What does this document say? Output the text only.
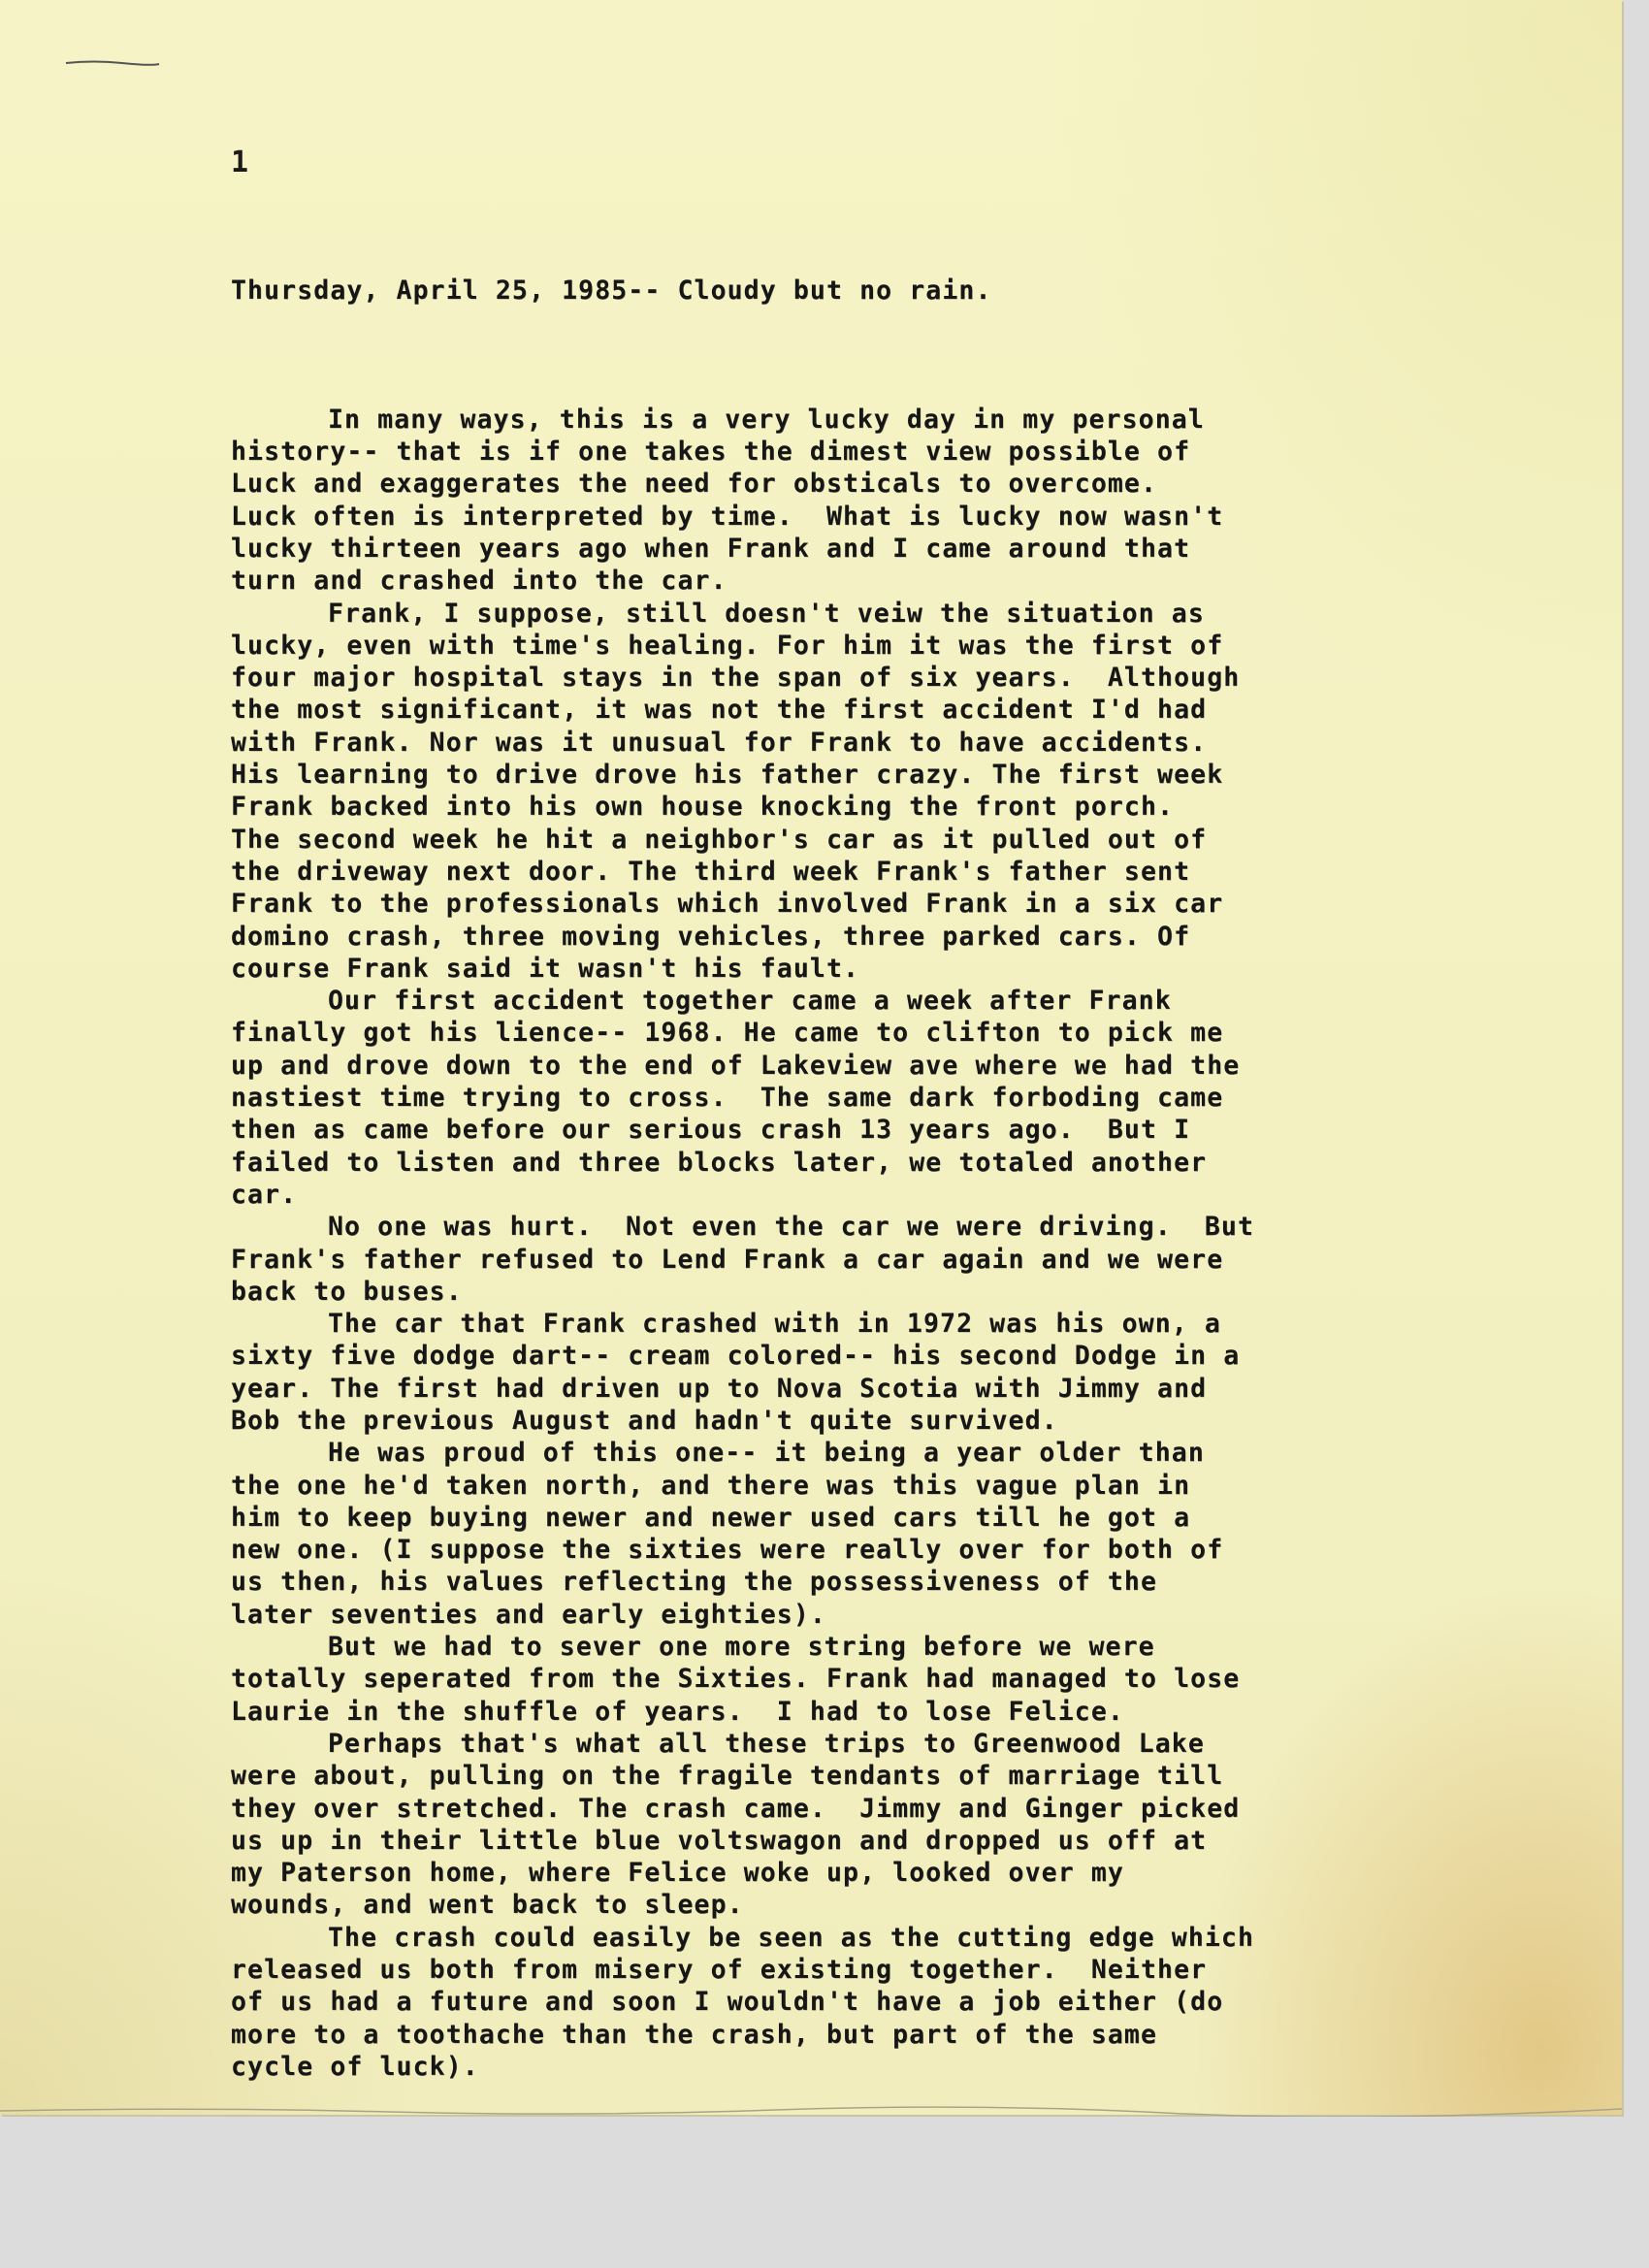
1

Thursday, April 25, 1985-- Cloudy but no rain.

In many ways, this is a very lucky day in my personal
history-- that is if one takes the dimest view possible of
Luck and exaggerates the need for obsticals to overcome.
Luck often is interpreted by time.  What is lucky now wasn't
lucky thirteen years ago when Frank and I came around that
turn and crashed into the car.
Frank, I suppose, still doesn't veiw the situation as
lucky, even with time's healing. For him it was the first of
four major hospital stays in the span of six years.  Although
the most significant, it was not the first accident I'd had
with Frank. Nor was it unusual for Frank to have accidents.
His learning to drive drove his father crazy. The first week
Frank backed into his own house knocking the front porch.
The second week he hit a neighbor's car as it pulled out of
the driveway next door. The third week Frank's father sent
Frank to the professionals which involved Frank in a six car
domino crash, three moving vehicles, three parked cars. Of
course Frank said it wasn't his fault.
Our first accident together came a week after Frank
finally got his lience-- 1968. He came to clifton to pick me
up and drove down to the end of Lakeview ave where we had the
nastiest time trying to cross.  The same dark forboding came
then as came before our serious crash 13 years ago.  But I
failed to listen and three blocks later, we totaled another
car.
No one was hurt.  Not even the car we were driving.  But
Frank's father refused to Lend Frank a car again and we were
back to buses.
The car that Frank crashed with in 1972 was his own, a
sixty five dodge dart-- cream colored-- his second Dodge in a
year. The first had driven up to Nova Scotia with Jimmy and
Bob the previous August and hadn't quite survived.
He was proud of this one-- it being a year older than
the one he'd taken north, and there was this vague plan in
him to keep buying newer and newer used cars till he got a
new one. (I suppose the sixties were really over for both of
us then, his values reflecting the possessiveness of the
later seventies and early eighties).
But we had to sever one more string before we were
totally seperated from the Sixties. Frank had managed to lose
Laurie in the shuffle of years.  I had to lose Felice.
Perhaps that's what all these trips to Greenwood Lake
were about, pulling on the fragile tendants of marriage till
they over stretched. The crash came.  Jimmy and Ginger picked
us up in their little blue voltswagon and dropped us off at
my Paterson home, where Felice woke up, looked over my
wounds, and went back to sleep.
The crash could easily be seen as the cutting edge which
released us both from misery of existing together.  Neither
of us had a future and soon I wouldn't have a job either (do
more to a toothache than the crash, but part of the same
cycle of luck).
